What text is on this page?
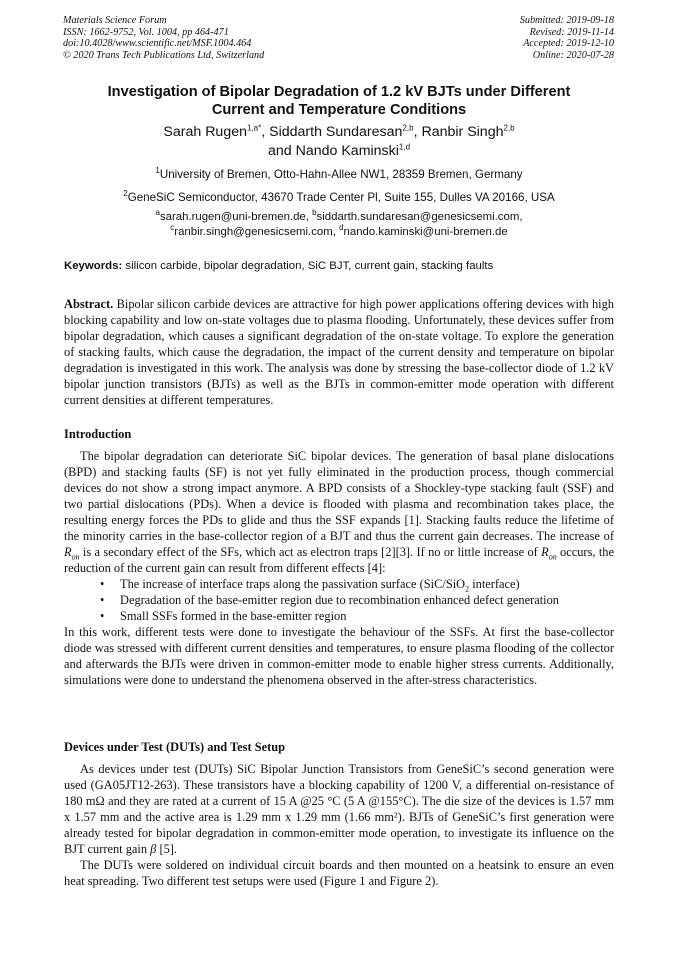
Materials Science Forum
ISSN: 1662-9752, Vol. 1004, pp 464-471
doi:10.4028/www.scientific.net/MSF.1004.464
© 2020 Trans Tech Publications Ltd, Switzerland
Submitted: 2019-09-18
Revised: 2019-11-14
Accepted: 2019-12-10
Online: 2020-07-28
Investigation of Bipolar Degradation of 1.2 kV BJTs under Different
Current and Temperature Conditions
Sarah Rugen$^{1,a*}$, Siddarth Sundaresan$^{2,b}$, Ranbir Singh$^{2,b}$
and Nando Kaminski$^{1,d}$
$^1$University of Bremen, Otto-Hahn-Allee NW1, 28359 Bremen, Germany
$^2$GeneSiC Semiconductor, 43670 Trade Center Pl, Suite 155, Dulles VA 20166, USA
$^a$sarah.rugen@uni-bremen.de, $^b$siddarth.sundaresan@genesicsemi.com,
$^c$ranbir.singh@genesicsemi.com, $^d$nando.kaminski@uni-bremen.de
Keywords: silicon carbide, bipolar degradation, SiC BJT, current gain, stacking faults
Abstract. Bipolar silicon carbide devices are attractive for high power applications offering devices with high blocking capability and low on-state voltages due to plasma flooding. Unfortunately, these devices suffer from bipolar degradation, which causes a significant degradation of the on-state voltage. To explore the generation of stacking faults, which cause the degradation, the impact of the current density and temperature on bipolar degradation is investigated in this work. The analysis was done by stressing the base-collector diode of 1.2 kV bipolar junction transistors (BJTs) as well as the BJTs in common-emitter mode operation with different current densities at different temperatures.
Introduction

The bipolar degradation can deteriorate SiC bipolar devices. The generation of basal plane dislocations (BPD) and stacking faults (SF) is not yet fully eliminated in the production process, though commercial devices do not show a strong impact anymore. A BPD consists of a Shockley-type stacking fault (SSF) and two partial dislocations (PDs). When a device is flooded with plasma and recombination takes place, the resulting energy forces the PDs to glide and thus the SSF expands [1]. Stacking faults reduce the lifetime of the minority carries in the base-collector region of a BJT and thus the current gain decreases. The increase of $R_{on}$ is a secondary effect of the SFs, which act as electron traps [2][3]. If no or little increase of $R_{on}$ occurs, the reduction of the current gain can result from different effects [4]:

• The increase of interface traps along the passivation surface (SiC/SiO$_2$ interface)
• Degradation of the base-emitter region due to recombination enhanced defect generation
• Small SSFs formed in the base-emitter region

In this work, different tests were done to investigate the behaviour of the SSFs. At first the base-collector diode was stressed with different current densities and temperatures, to ensure plasma flooding of the collector and afterwards the BJTs were driven in common-emitter mode to enable higher stress currents. Additionally, simulations were done to understand the phenomena observed in the after-stress characteristics.

Devices under Test (DUTs) and Test Setup

As devices under test (DUTs) SiC Bipolar Junction Transistors from GeneSiC’s second generation were used (GA05JT12-263). These transistors have a blocking capability of 1200 V, a differential on-resistance of 180 mΩ and they are rated at a current of 15 A @25 °C (5 A @155°C). The die size of the devices is 1.57 mm x 1.57 mm and the active area is 1.29 mm x 1.29 mm (1.66 mm²). BJTs of GeneSiC’s first generation were already tested for bipolar degradation in common-emitter mode operation, to investigate its influence on the BJT current gain β [5].

The DUTs were soldered on individual circuit boards and then mounted on a heatsink to ensure an even heat spreading. Two different test setups were used (Figure 1 and Figure 2).
